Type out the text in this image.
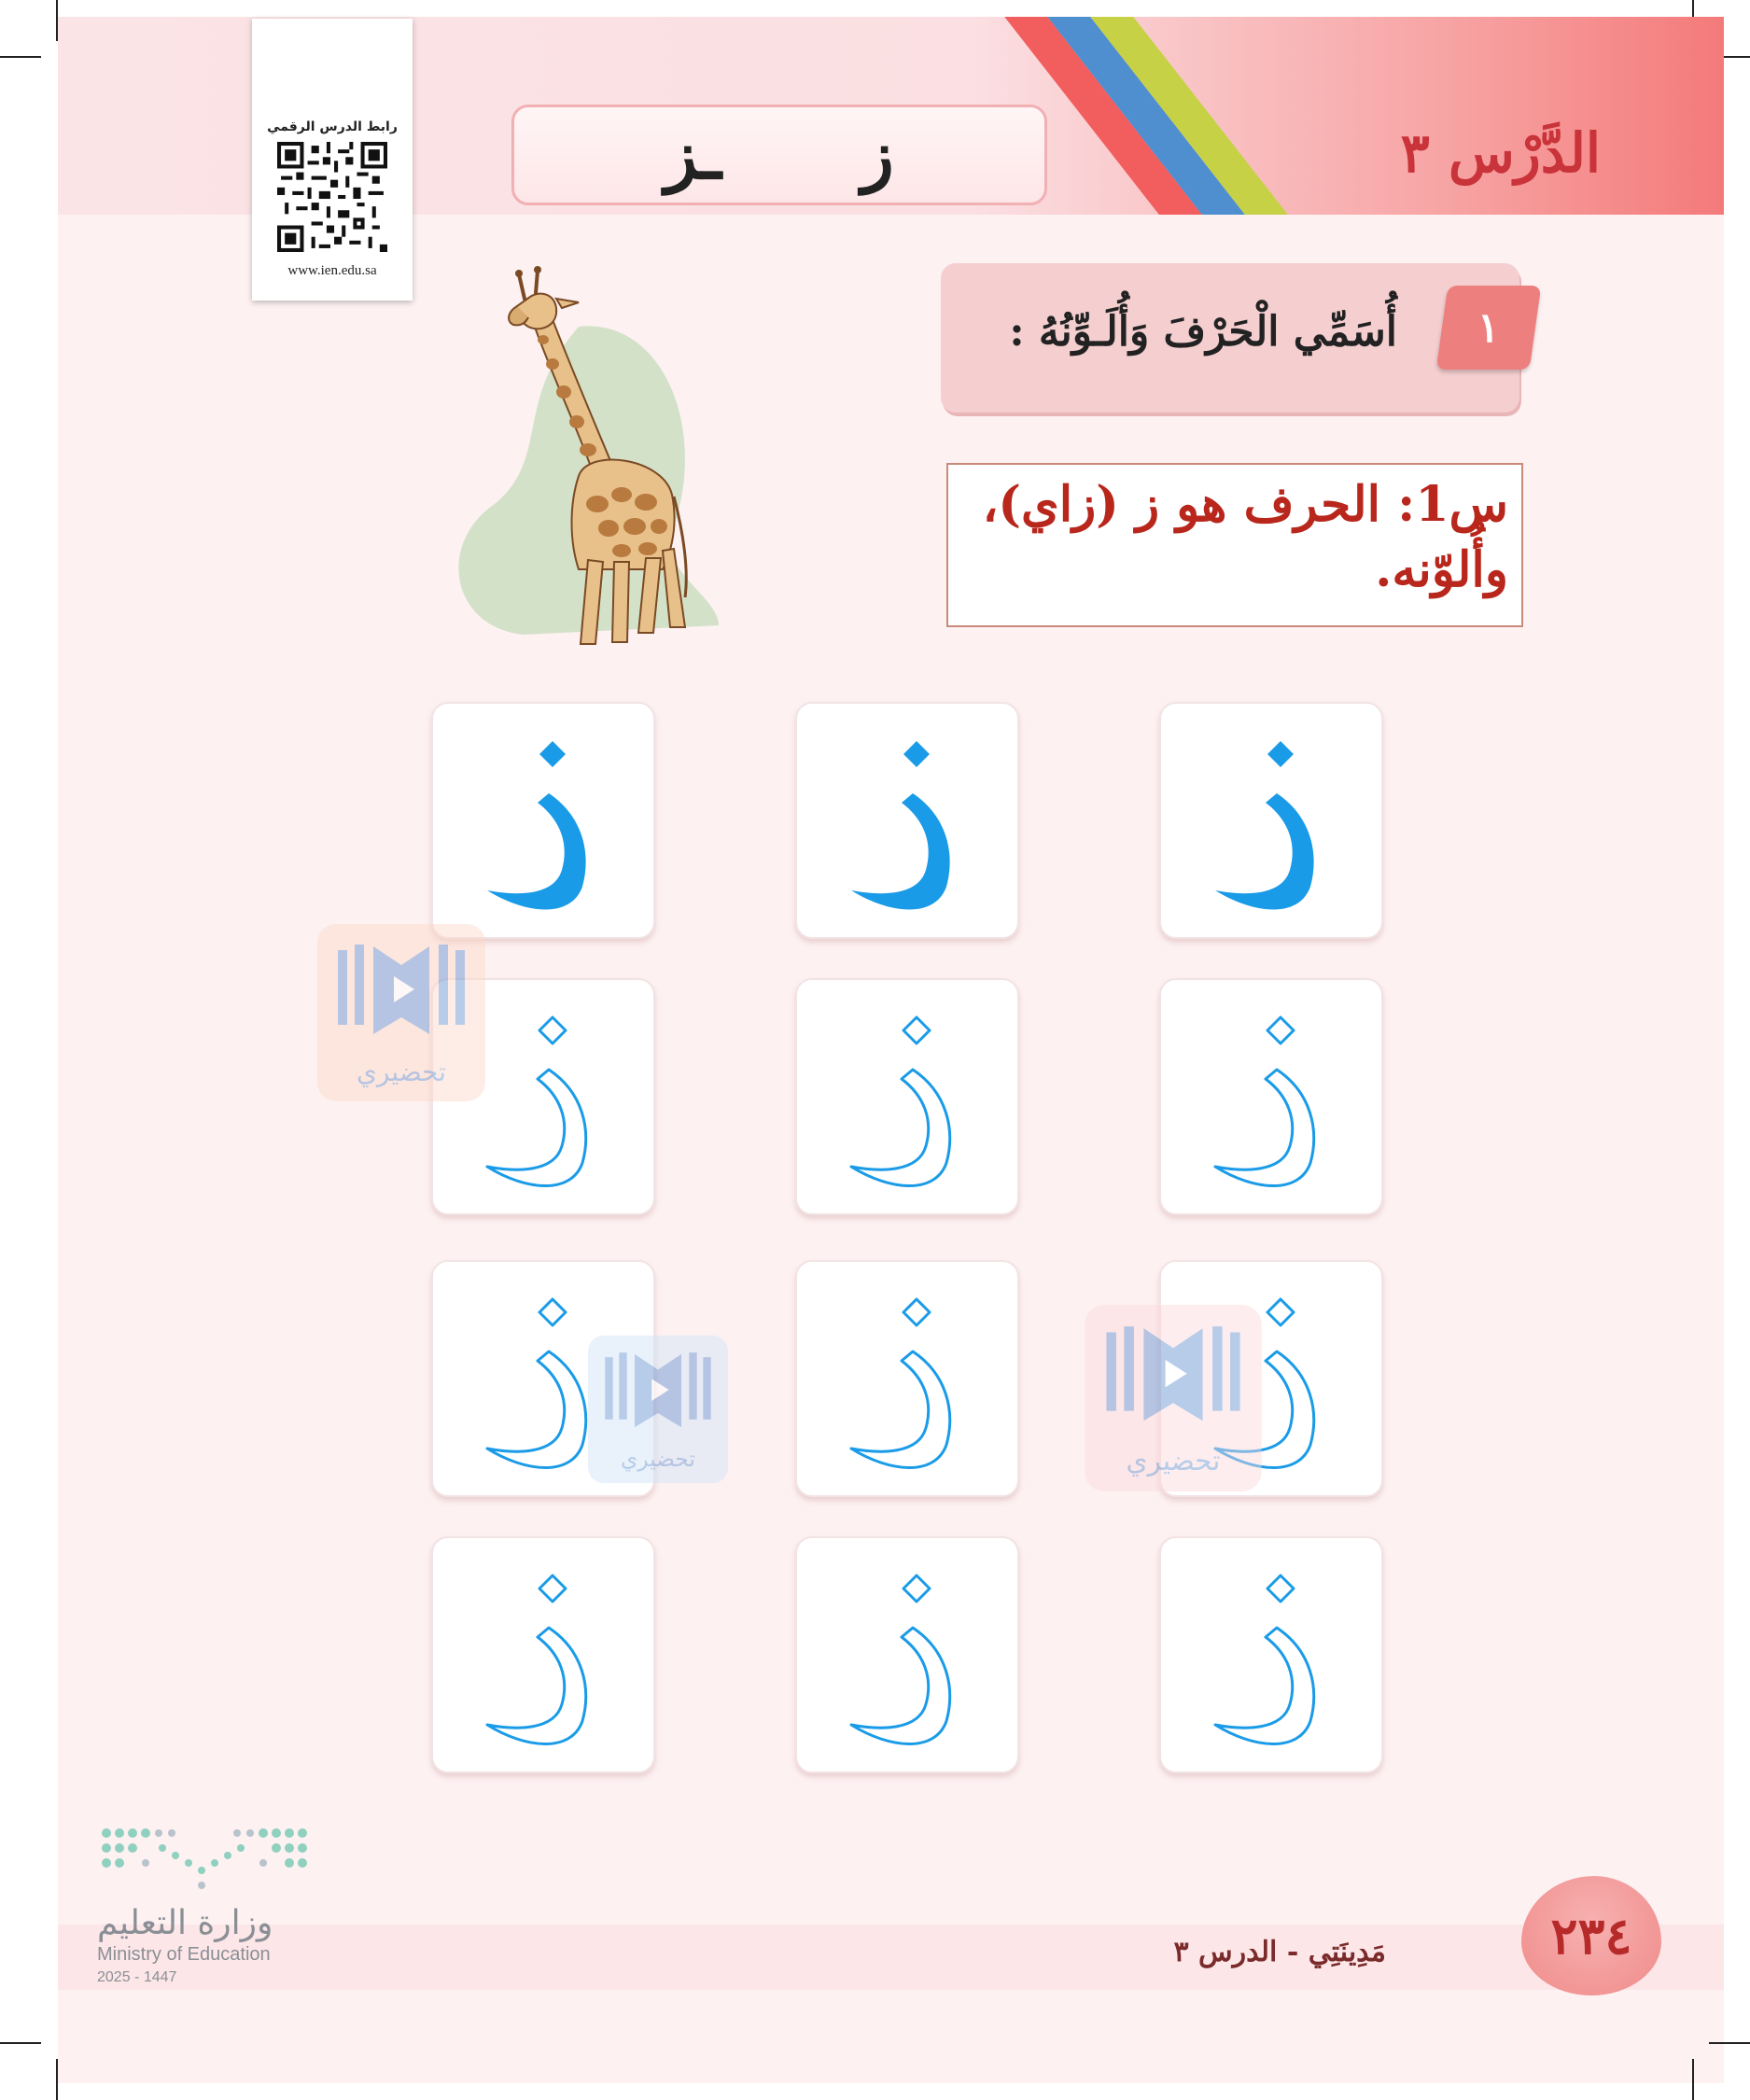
الدَّرْس ٣
ز
ـز
رابط الدرس الرقمي
www.ien.edu.sa
١
أُسَمِّي الْحَرْفَ وَأُلَـوِّنُهُ :
س1: الحرف هو ز (زاي)،
وأُلوّنه.
تحضيري
تحضيري	تحضيري
مَدِينَتِي - الدرس ٣	٢٣٤
وزارة التعليم
Ministry of Education
2025 - 1447
